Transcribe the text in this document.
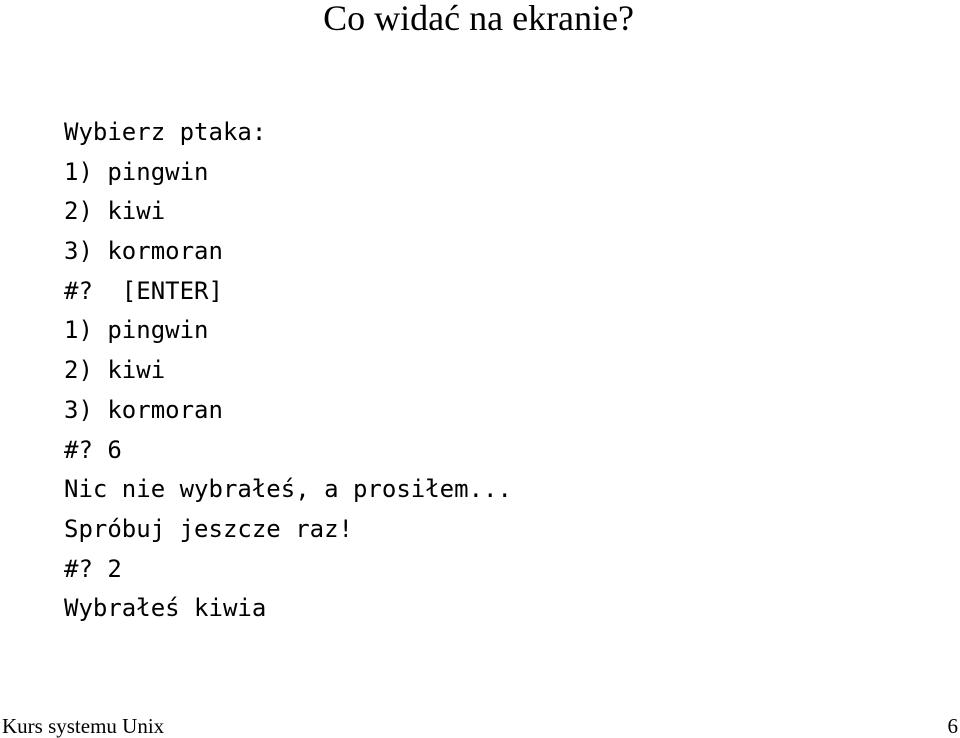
Co widać na ekranie?
Wybierz ptaka:
1) pingwin
2) kiwi
3) kormoran
#?  [ENTER]
1) pingwin
2) kiwi
3) kormoran
#? 6
Nic nie wybrałeś, a prosiłem...
Spróbuj jeszcze raz!
#? 2
Wybrałeś kiwia
Kurs systemu Unix	6
